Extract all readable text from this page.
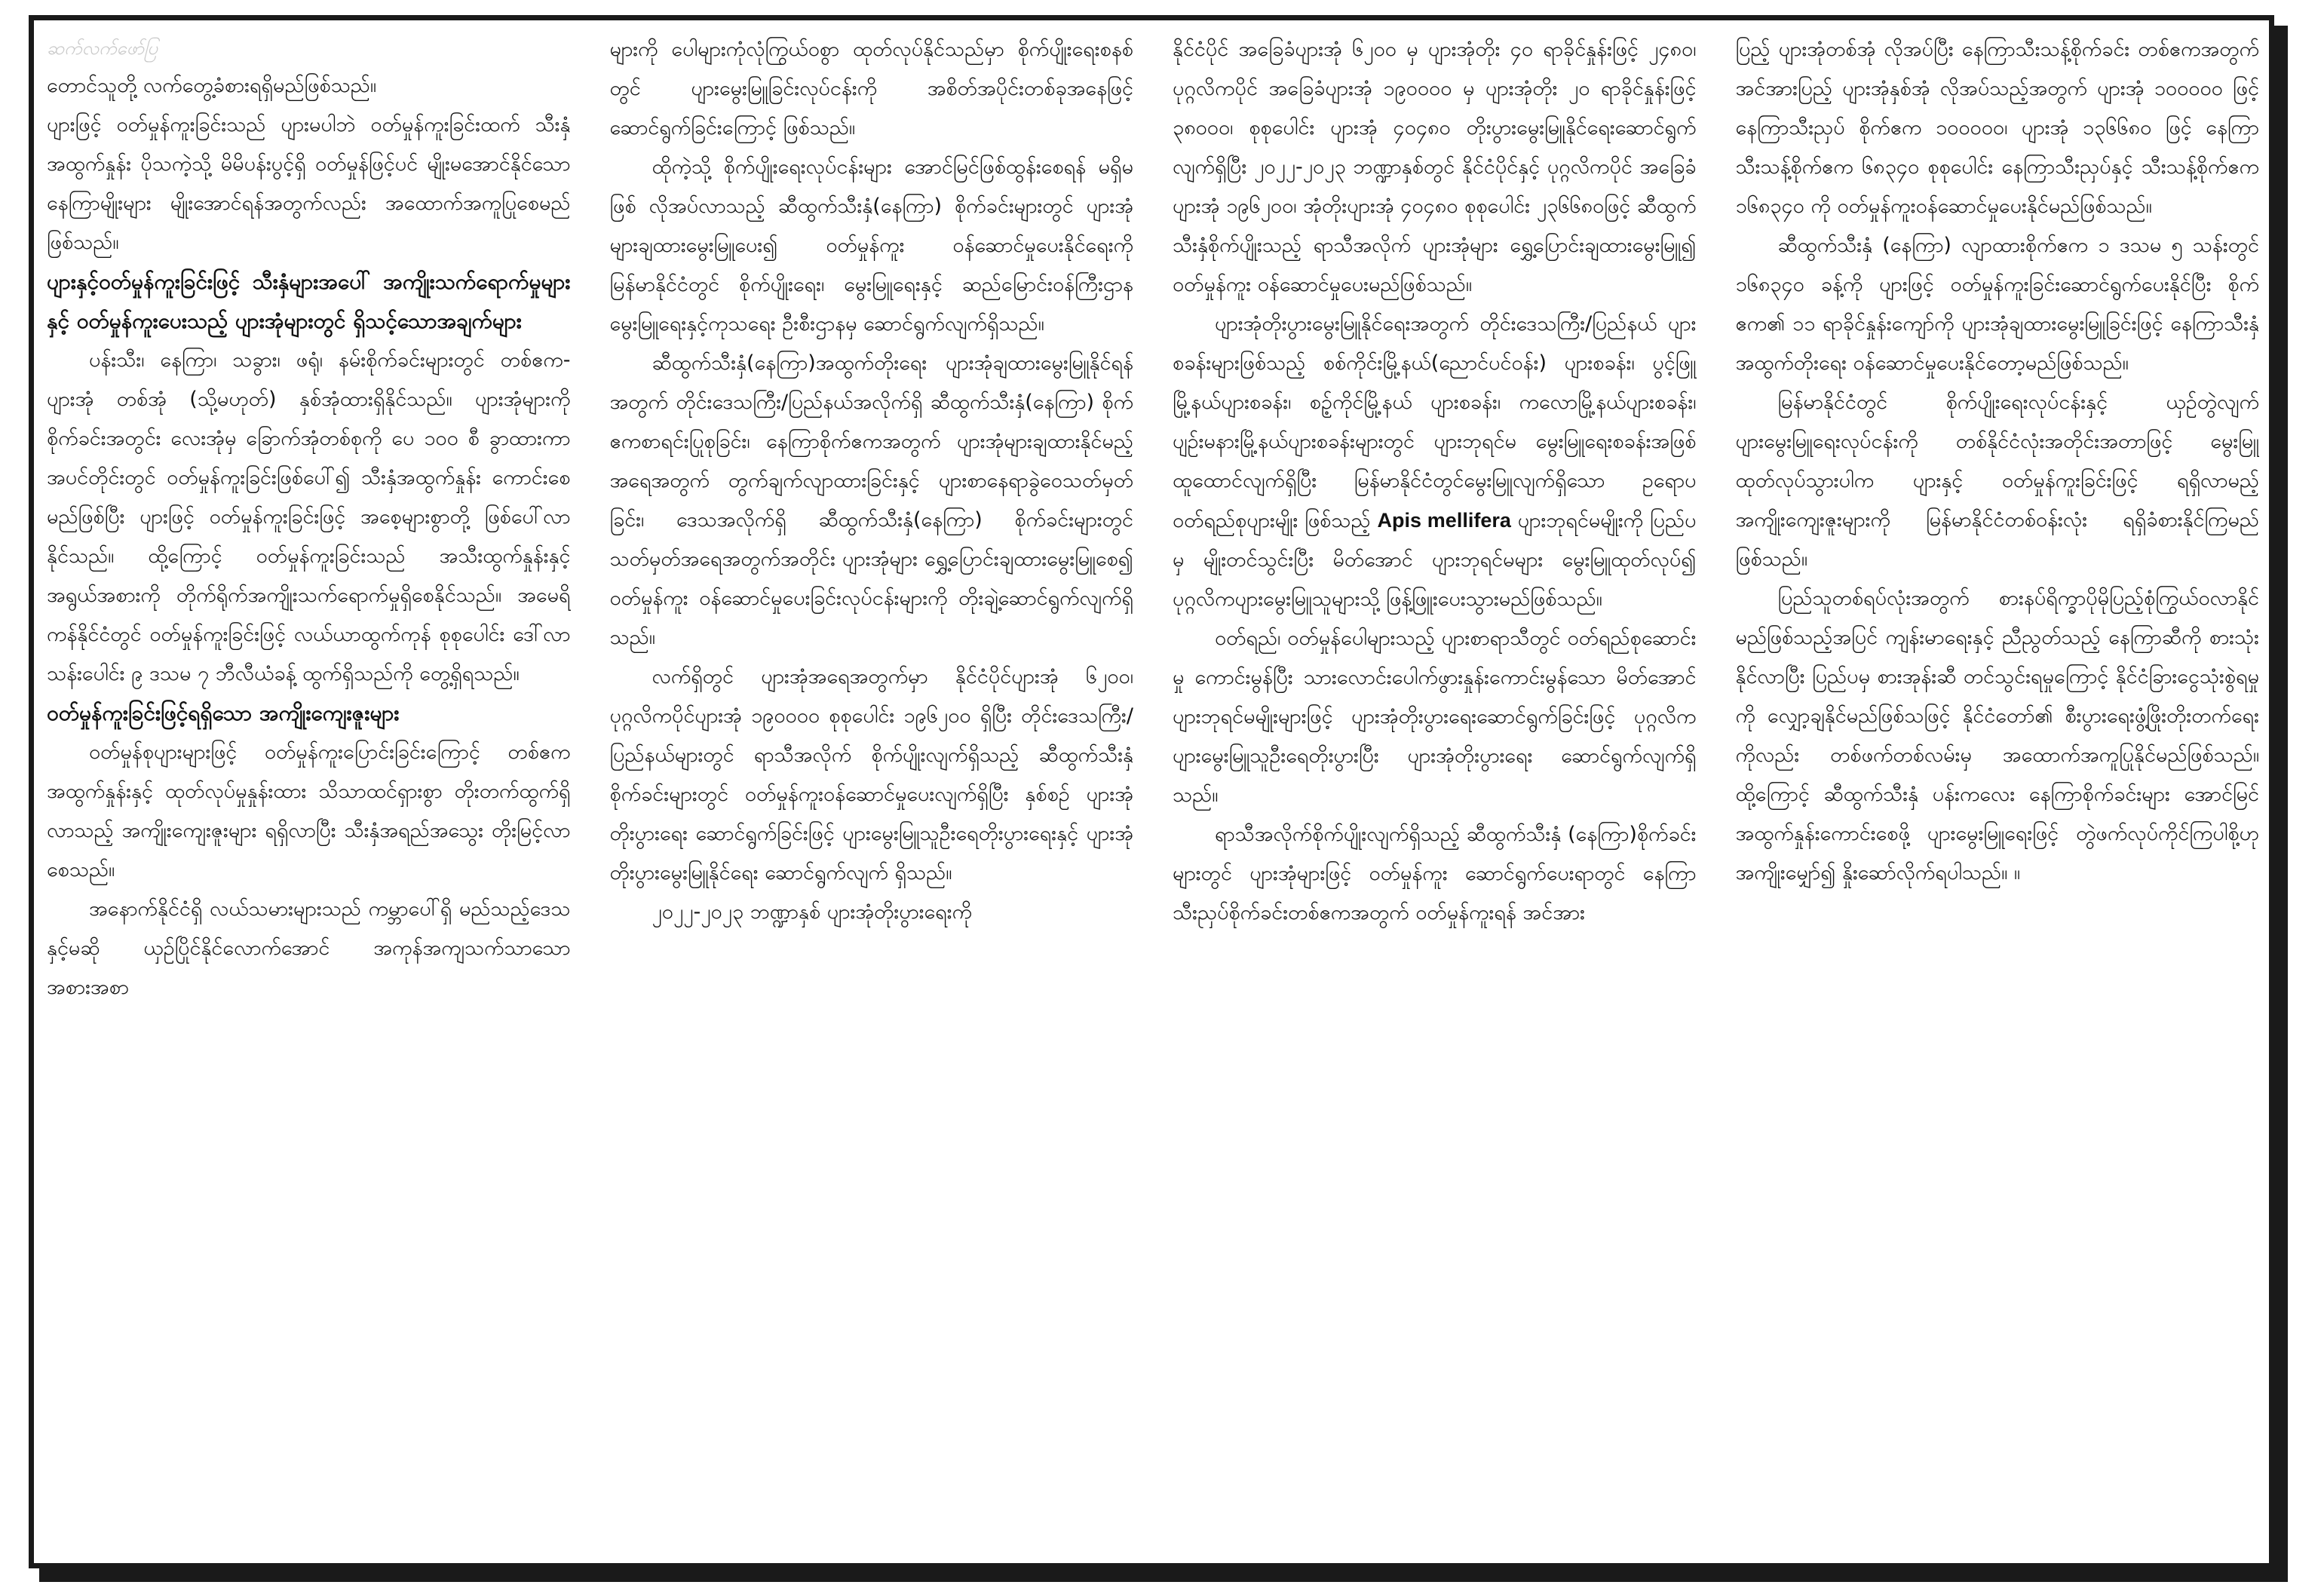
ဆက်လက်ဖော်ပြ

တောင်သူတို့ လက်တွေ့ခံစားရရှိမည်ဖြစ်သည်။

ပျားဖြင့် ဝတ်မှုန်ကူးခြင်းသည် ပျားမပါဘဲ ဝတ်မှုန်ကူးခြင်းထက် သီးနှံအထွက်နှုန်း ပိုသကဲ့သို့ မိမိပန်းပွင့်ရှိ ဝတ်မှုန်ဖြင့်ပင် မျိုးမအောင်နိုင်သော နေကြာမျိုးများ မျိုးအောင်ရန်အတွက်လည်း အထောက်အကူပြုစေမည်ဖြစ်သည်။

ပျားနှင့်ဝတ်မှုန်ကူးခြင်းဖြင့် သီးနှံများအပေါ် အကျိုးသက်ရောက်မှုများနှင့် ဝတ်မှုန်ကူးပေးသည့် ပျားအုံများတွင် ရှိသင့်သောအချက်များ

ပန်းသီး၊ နေကြာ၊ သခွား၊ ဖရုံ၊ နမ်းစိုက်ခင်းများတွင် တစ်ဧက-ပျားအုံ တစ်အုံ (သို့မဟုတ်) နှစ်အုံထားရှိနိုင်သည်။ ပျားအုံများကို စိုက်ခင်းအတွင်း လေးအုံမှ ခြောက်အုံတစ်စုကို ပေ ၁၀၀ စီ ခွာထားကာ အပင်တိုင်းတွင် ဝတ်မှုန်ကူးခြင်းဖြစ်ပေါ်၍ သီးနှံအထွက်နှုန်း ကောင်းစေမည်ဖြစ်ပြီး ပျားဖြင့် ဝတ်မှုန်ကူးခြင်းဖြင့် အစေ့များစွာတို့ ဖြစ်ပေါ်လာနိုင်သည်။ ထို့ကြောင့် ဝတ်မှုန်ကူးခြင်းသည် အသီးထွက်နှုန်းနှင့် အရွယ်အစားကို တိုက်ရိုက်အကျိုးသက်ရောက်မှုရှိစေနိုင်သည်။ အမေရိကန်နိုင်ငံတွင် ဝတ်မှုန်ကူးခြင်းဖြင့် လယ်ယာထွက်ကုန် စုစုပေါင်း ဒေါ်လာသန်းပေါင်း ၉ ဒသမ ၇ ဘီလီယံခန့် ထွက်ရှိသည်ကို တွေ့ရှိရသည်။

ဝတ်မှုန်ကူးခြင်းဖြင့်ရရှိသော အကျိုးကျေးဇူးများ

ဝတ်မှုန်စုပျားများဖြင့် ဝတ်မှုန်ကူးပြောင်းခြင်းကြောင့် တစ်ဧကအထွက်နှုန်းနှင့် ထုတ်လုပ်မှုနှုန်းထား သိသာထင်ရှားစွာ တိုးတက်ထွက်ရှိလာသည့် အကျိုးကျေးဇူးများ ရရှိလာပြီး သီးနှံအရည်အသွေး တိုးမြင့်လာစေသည်။

အနောက်နိုင်ငံရှိ လယ်သမားများသည် ကမ္ဘာပေါ်ရှိ မည်သည့်ဒေသနှင့်မဆို ယှဉ်ပြိုင်နိုင်လောက်အောင် အကုန်အကျသက်သာသော အစားအစာ

များကို ပေါများကုံလုံကြွယ်ဝစွာ ထုတ်လုပ်နိုင်သည်မှာ စိုက်ပျိုးရေးစနစ်တွင် ပျားမွေးမြူခြင်းလုပ်ငန်းကို အစိတ်အပိုင်းတစ်ခုအနေဖြင့် ဆောင်ရွက်ခြင်းကြောင့် ဖြစ်သည်။

ထိုကဲ့သို့ စိုက်ပျိုးရေးလုပ်ငန်းများ အောင်မြင်ဖြစ်ထွန်းစေရန် မရှိမဖြစ် လိုအပ်လာသည့် ဆီထွက်သီးနှံ(နေကြာ) စိုက်ခင်းများတွင် ပျားအုံများချထားမွေးမြူပေး၍ ဝတ်မှုန်ကူး ဝန်ဆောင်မှုပေးနိုင်ရေးကို မြန်မာနိုင်ငံတွင် စိုက်ပျိုးရေး၊ မွေးမြူရေးနှင့် ဆည်မြောင်းဝန်ကြီးဌာန မွေးမြူရေးနှင့်ကုသရေး ဦးစီးဌာနမှ ဆောင်ရွက်လျက်ရှိသည်။

ဆီထွက်သီးနှံ(နေကြာ)အထွက်တိုးရေး ပျားအုံချထားမွေးမြူနိုင်ရန်အတွက် တိုင်းဒေသကြီး/ပြည်နယ်အလိုက်ရှိ ဆီထွက်သီးနှံ(နေကြာ) စိုက်ဧကစာရင်းပြုစုခြင်း၊ နေကြာစိုက်ဧကအတွက် ပျားအုံများချထားနိုင်မည့် အရေအတွက် တွက်ချက်လျာထားခြင်းနှင့် ပျားစာနေရာခွဲဝေသတ်မှတ်ခြင်း၊ ဒေသအလိုက်ရှိ ဆီထွက်သီးနှံ(နေကြာ) စိုက်ခင်းများတွင် သတ်မှတ်အရေအတွက်အတိုင်း ပျားအုံများ ရွှေ့ပြောင်းချထားမွေးမြူစေ၍ ဝတ်မှုန်ကူး ဝန်ဆောင်မှုပေးခြင်းလုပ်ငန်းများကို တိုးချဲ့ဆောင်ရွက်လျက်ရှိသည်။

လက်ရှိတွင် ပျားအုံအရေအတွက်မှာ နိုင်ငံပိုင်ပျားအုံ ၆၂၀၀၊ ပုဂ္ဂလိကပိုင်ပျားအုံ ၁၉၀၀၀၀ စုစုပေါင်း ၁၉၆၂၀၀ ရှိပြီး တိုင်းဒေသကြီး/ပြည်နယ်များတွင် ရာသီအလိုက် စိုက်ပျိုးလျက်ရှိသည့် ဆီထွက်သီးနှံစိုက်ခင်းများတွင် ဝတ်မှုန်ကူးဝန်ဆောင်မှုပေးလျက်ရှိပြီး နှစ်စဉ် ပျားအုံတိုးပွားရေး ဆောင်ရွက်ခြင်းဖြင့် ပျားမွေးမြူသူဦးရေတိုးပွားရေးနှင့် ပျားအုံတိုးပွားမွေးမြူနိုင်ရေး ဆောင်ရွက်လျက် ရှိသည်။

၂၀၂၂-၂၀၂၃ ဘဏ္ဍာနှစ် ပျားအုံတိုးပွားရေးကို

နိုင်ငံပိုင် အခြေခံပျားအုံ ၆၂၀၀ မှ ပျားအုံတိုး ၄၀ ရာခိုင်နှုန်းဖြင့် ၂၄၈၀၊ ပုဂ္ဂလိကပိုင် အခြေခံပျားအုံ ၁၉၀၀၀၀ မှ ပျားအုံတိုး ၂၀ ရာခိုင်နှုန်းဖြင့် ၃၈၀၀၀၊ စုစုပေါင်း ပျားအုံ ၄၀၄၈၀ တိုးပွားမွေးမြူနိုင်ရေးဆောင်ရွက်လျက်ရှိပြီး ၂၀၂၂-၂၀၂၃ ဘဏ္ဍာနှစ်တွင် နိုင်ငံပိုင်နှင့် ပုဂ္ဂလိကပိုင် အခြေခံပျားအုံ ၁၉၆၂၀၀၊ အုံတိုးပျားအုံ ၄၀၄၈၀ စုစုပေါင်း ၂၃၆၆၈၀ဖြင့် ဆီထွက်သီးနှံစိုက်ပျိုးသည့် ရာသီအလိုက် ပျားအုံများ ရွှေ့ပြောင်းချထားမွေးမြူ၍ ဝတ်မှုန်ကူး ဝန်ဆောင်မှုပေးမည်ဖြစ်သည်။

ပျားအုံတိုးပွားမွေးမြူနိုင်ရေးအတွက် တိုင်းဒေသကြီး/ပြည်နယ် ပျားစခန်းများဖြစ်သည့် စစ်ကိုင်းမြို့နယ်(ညောင်ပင်ဝန်း) ပျားစခန်း၊ ပွင့်ဖြူမြို့နယ်ပျားစခန်း၊ စဉ့်ကိုင်မြို့နယ် ပျားစခန်း၊ ကလောမြို့နယ်ပျားစခန်း၊ ပျဉ်းမနားမြို့နယ်ပျားစခန်းများတွင် ပျားဘုရင်မ မွေးမြူရေးစခန်းအဖြစ် ထူထောင်လျက်ရှိပြီး မြန်မာနိုင်ငံတွင်မွေးမြူလျက်ရှိသော ဥရောပဝတ်ရည်စုပျားမျိုး ဖြစ်သည့် Apis mellifera ပျားဘုရင်မမျိုးကို ပြည်ပမှ မျိုးတင်သွင်းပြီး မိတ်အောင် ပျားဘုရင်မများ မွေးမြူထုတ်လုပ်၍ ပုဂ္ဂလိကပျားမွေးမြူသူများသို့ ဖြန့်ဖြူးပေးသွားမည်ဖြစ်သည်။

ဝတ်ရည်၊ ဝတ်မှုန်ပေါများသည့် ပျားစာရာသီတွင် ဝတ်ရည်စုဆောင်းမှု ကောင်းမွန်ပြီး သားလောင်းပေါက်ဖွားနှုန်းကောင်းမွန်သော မိတ်အောင်ပျားဘုရင်မမျိုးများဖြင့် ပျားအုံတိုးပွားရေးဆောင်ရွက်ခြင်းဖြင့် ပုဂ္ဂလိက ပျားမွေးမြူသူဦးရေတိုးပွားပြီး ပျားအုံတိုးပွားရေး ဆောင်ရွက်လျက်ရှိသည်။

ရာသီအလိုက်စိုက်ပျိုးလျက်ရှိသည့် ဆီထွက်သီးနှံ (နေကြာ)စိုက်ခင်းများတွင် ပျားအုံများဖြင့် ဝတ်မှုန်ကူး ဆောင်ရွက်ပေးရာတွင် နေကြာသီးညှပ်စိုက်ခင်းတစ်ဧကအတွက် ဝတ်မှုန်ကူးရန် အင်အား

ပြည့် ပျားအုံတစ်အုံ လိုအပ်ပြီး နေကြာသီးသန့်စိုက်ခင်း တစ်ဧကအတွက် အင်အားပြည့် ပျားအုံနှစ်အုံ လိုအပ်သည့်အတွက် ပျားအုံ ၁၀၀၀၀၀ ဖြင့် နေကြာသီးညှပ် စိုက်ဧက ၁၀၀၀၀၀၊ ပျားအုံ ၁၃၆၆၈၀ ဖြင့် နေကြာသီးသန့်စိုက်ဧက ၆၈၃၄၀ စုစုပေါင်း နေကြာသီးညှပ်နှင့် သီးသန့်စိုက်ဧက ၁၆၈၃၄၀ ကို ဝတ်မှုန်ကူးဝန်ဆောင်မှုပေးနိုင်မည်ဖြစ်သည်။

ဆီထွက်သီးနှံ (နေကြာ) လျာထားစိုက်ဧက ၁ ဒသမ ၅ သန်းတွင် ၁၆၈၃၄၀ ခန့်ကို ပျားဖြင့် ဝတ်မှုန်ကူးခြင်းဆောင်ရွက်ပေးနိုင်ပြီး စိုက်ဧက၏ ၁၁ ရာခိုင်နှုန်းကျော်ကို ပျားအုံချထားမွေးမြူခြင်းဖြင့် နေကြာသီးနှံအထွက်တိုးရေး ဝန်ဆောင်မှုပေးနိုင်တော့မည်ဖြစ်သည်။

မြန်မာနိုင်ငံတွင် စိုက်ပျိုးရေးလုပ်ငန်းနှင့် ယှဉ်တွဲလျက် ပျားမွေးမြူရေးလုပ်ငန်းကို တစ်နိုင်ငံလုံးအတိုင်းအတာဖြင့် မွေးမြူထုတ်လုပ်သွားပါက ပျားနှင့် ဝတ်မှုန်ကူးခြင်းဖြင့် ရရှိလာမည့်အကျိုးကျေးဇူးများကို မြန်မာနိုင်ငံတစ်ဝန်းလုံး ရရှိခံစားနိုင်ကြမည်ဖြစ်သည်။

ပြည်သူတစ်ရပ်လုံးအတွက် စားနပ်ရိက္ခာပိုမိုပြည့်စုံကြွယ်ဝလာနိုင်မည်ဖြစ်သည့်အပြင် ကျန်းမာရေးနှင့် ညီညွတ်သည့် နေကြာဆီကို စားသုံးနိုင်လာပြီး ပြည်ပမှ စားအုန်းဆီ တင်သွင်းရမှုကြောင့် နိုင်ငံခြားငွေသုံးစွဲရမှုကို လျှော့ချနိုင်မည်ဖြစ်သဖြင့် နိုင်ငံတော်၏ စီးပွားရေးဖွံ့ဖြိုးတိုးတက်ရေးကိုလည်း တစ်ဖက်တစ်လမ်းမှ အထောက်အကူပြုနိုင်မည်ဖြစ်သည်။ ထို့ကြောင့် ဆီထွက်သီးနှံ ပန်းကလေး နေကြာစိုက်ခင်းများ အောင်မြင်အထွက်နှုန်းကောင်းစေဖို့ ပျားမွေးမြူရေးဖြင့် တွဲဖက်လုပ်ကိုင်ကြပါစို့ဟု အကျိုးမျှော်၍ နှိုးဆော်လိုက်ရပါသည်။ ။
